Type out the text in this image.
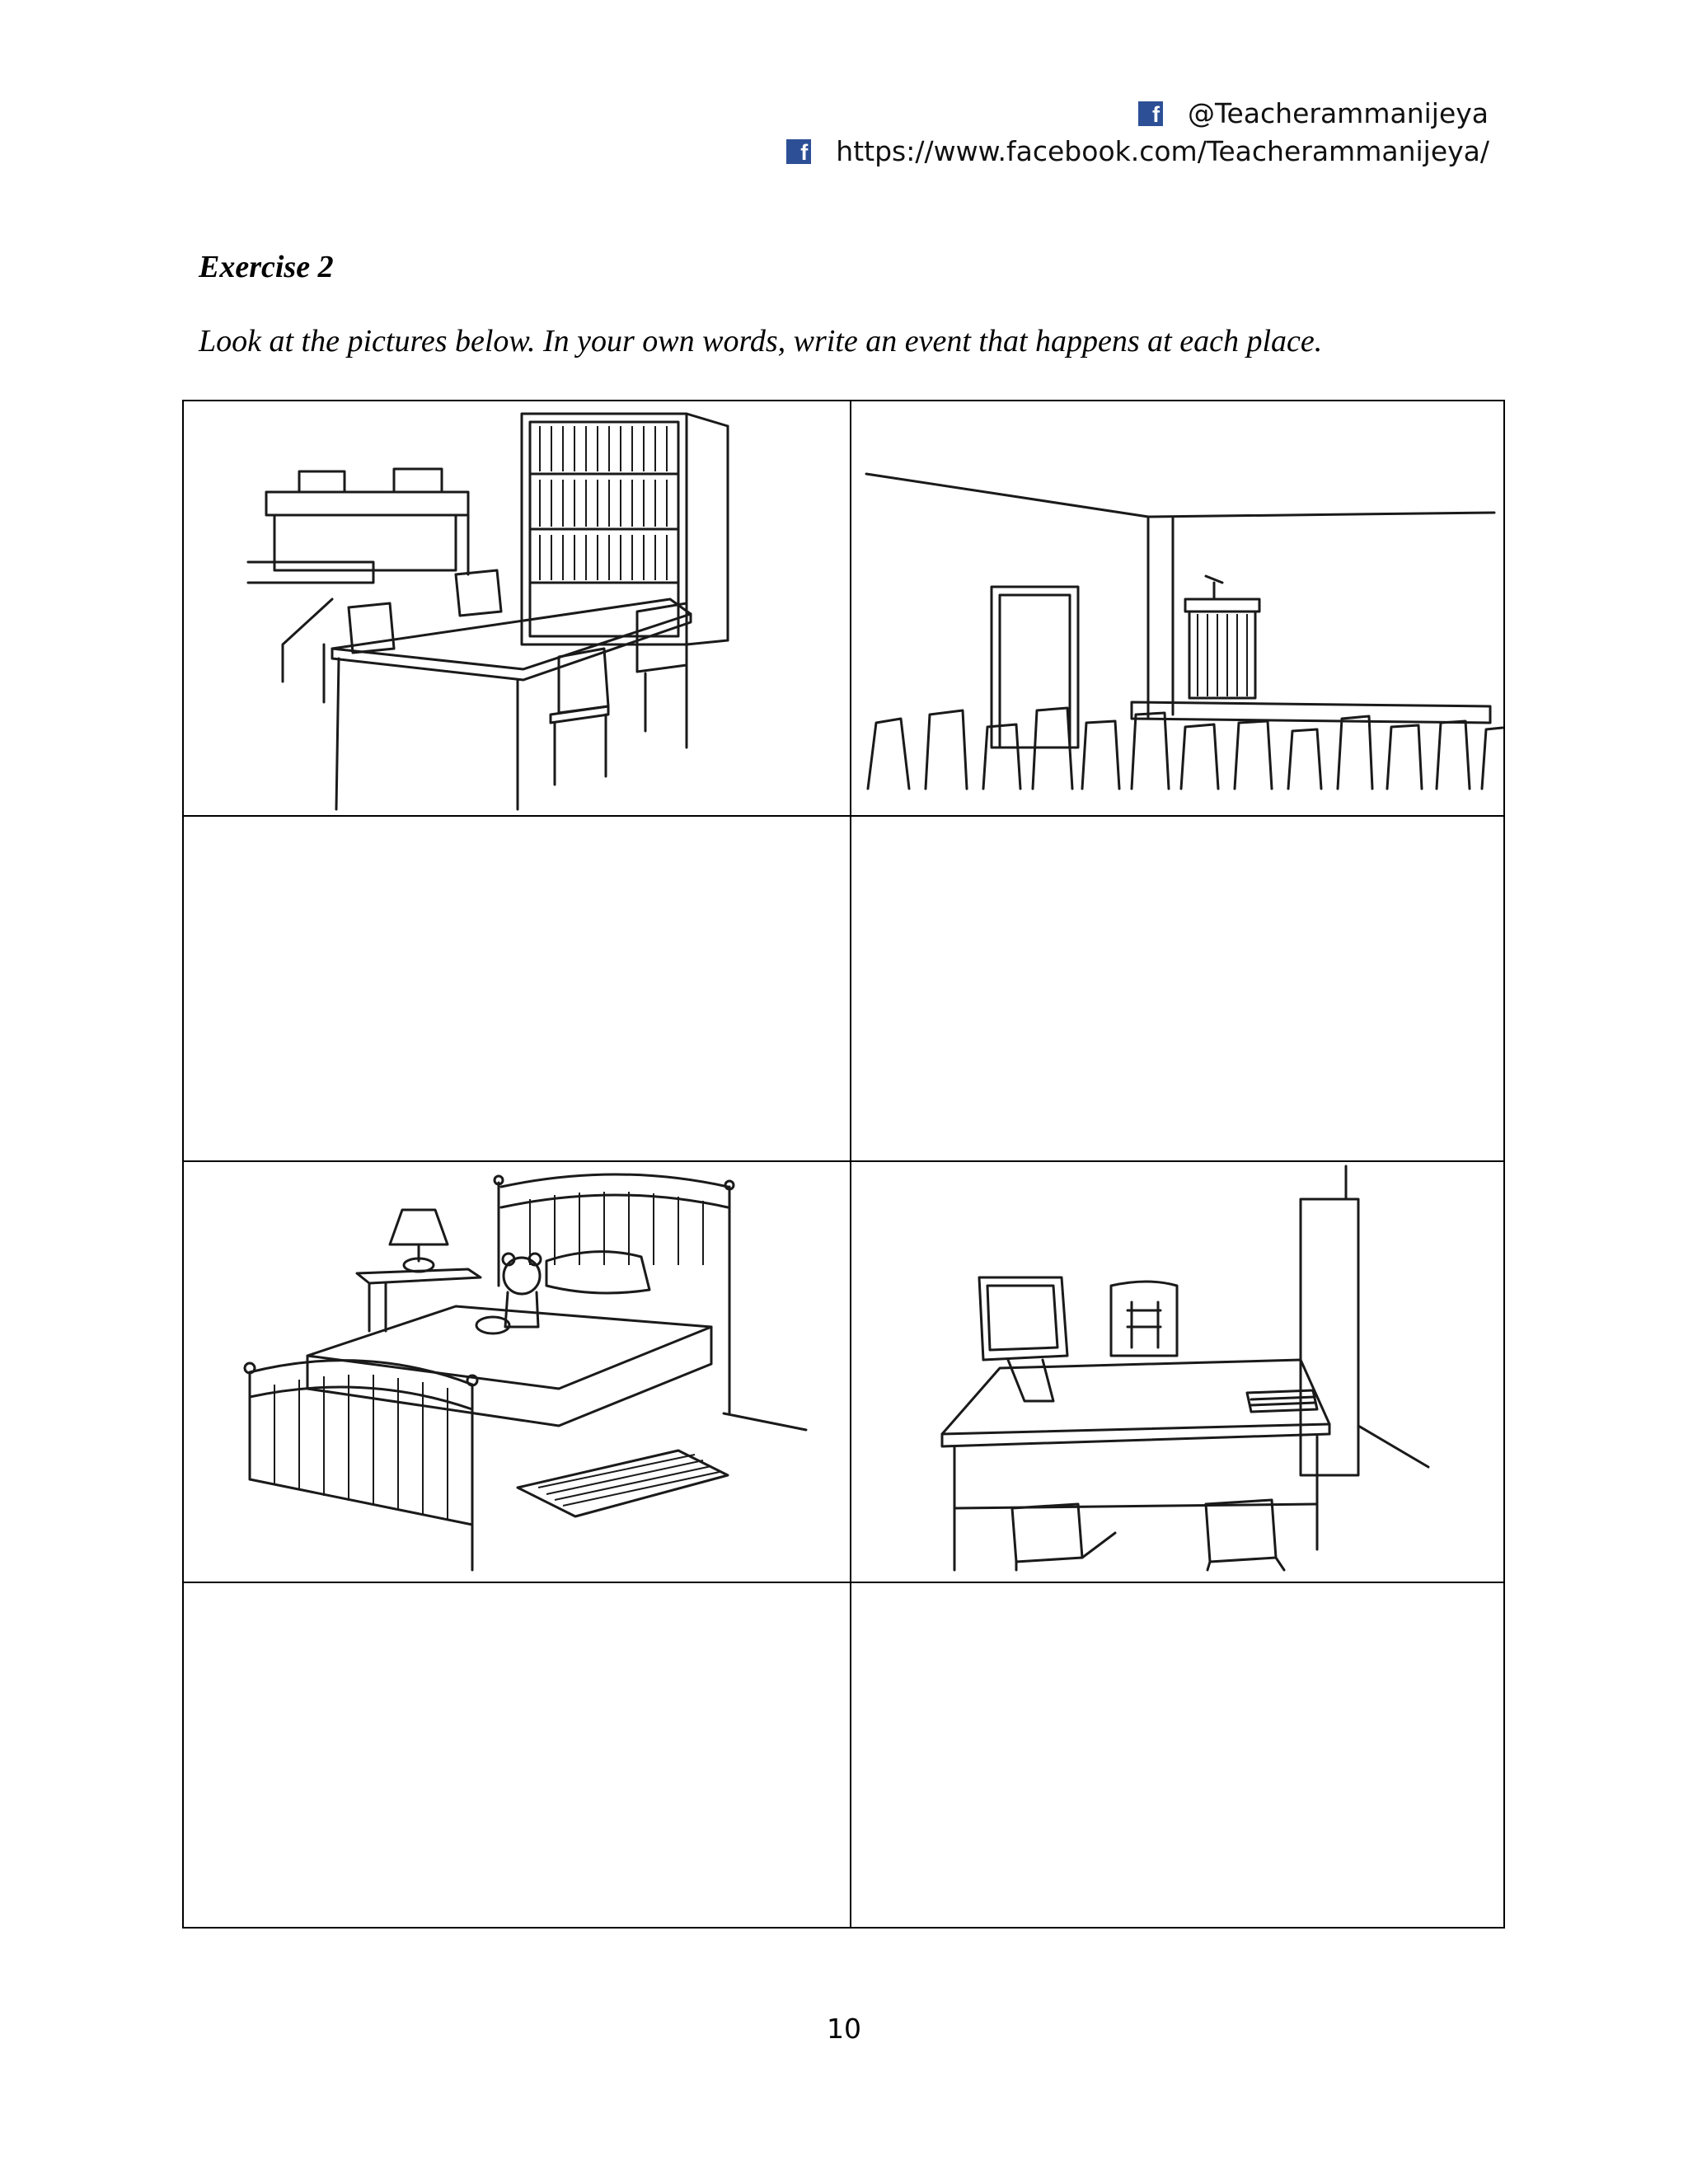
f @Teacherammanijeya
f https://www.facebook.com/Teacherammanijeya/
Exercise 2
Look at the pictures below. In your own words, write an event that happens at each place.
10
